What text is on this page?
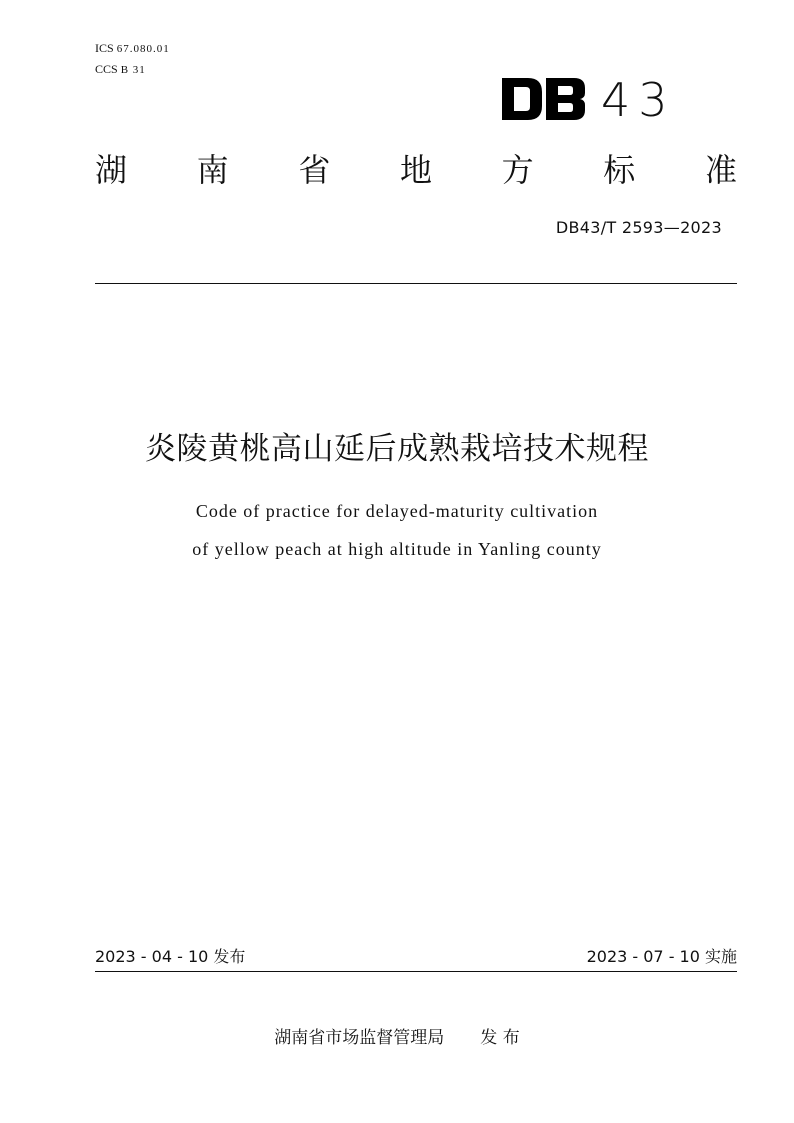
ICS 67.080.01
CCS B 31
43
湖 南 省 地 方 标 准
DB43/T 2593—2023
炎陵黄桃高山延后成熟栽培技术规程
Code of practice for delayed-maturity cultivation
of yellow peach at high altitude in Yanling county
2023 - 04 - 10 发布	2023 - 07 - 10 实施
湖南省市场监督管理局 发 布
